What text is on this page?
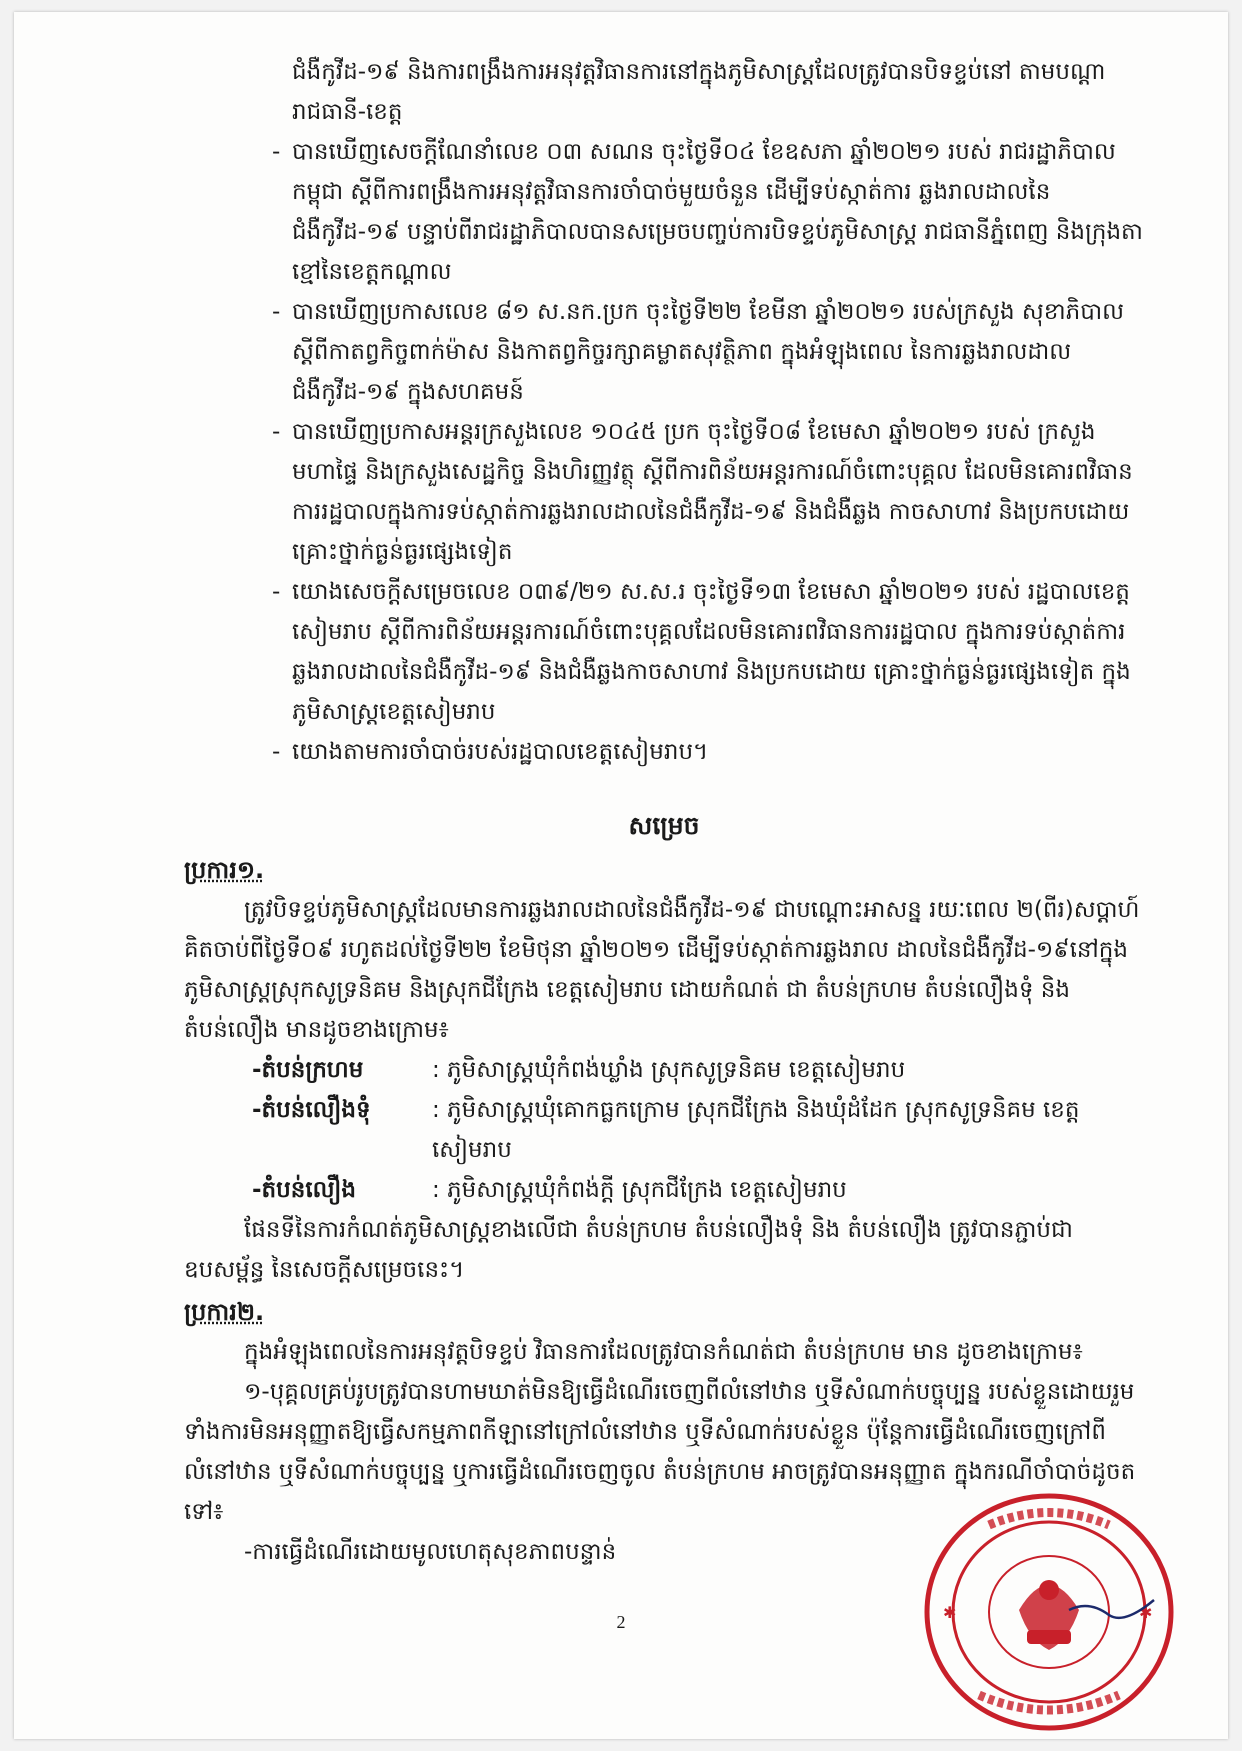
ជំងឺកូវីដ-១៩ និងការពង្រឹងការអនុវត្តវិធានការនៅក្នុងភូមិសាស្ត្រដែលត្រូវបានបិទខ្ទប់នៅ តាមបណ្តារាជធានី-ខេត្ត

- បានឃើញសេចក្តីណែនាំលេខ ០៣ សណន ចុះថ្ងៃទី០៤ ខែឧសភា ឆ្នាំ២០២១ របស់ រាជរដ្ឋាភិបាលកម្ពុជា ស្តីពីការពង្រឹងការអនុវត្តវិធានការចាំបាច់មួយចំនួន ដើម្បីទប់ស្កាត់ការ ឆ្លងរាលដាលនៃជំងឺកូវីដ-១៩ បន្ទាប់ពីរាជរដ្ឋាភិបាលបានសម្រេចបញ្ចប់ការបិទខ្ទប់ភូមិសាស្ត្រ រាជធានីភ្នំពេញ និងក្រុងតាខ្មៅនៃខេត្តកណ្តាល
- បានឃើញប្រកាសលេខ ៨១ ស.នក.ប្រក ចុះថ្ងៃទី២២ ខែមីនា ឆ្នាំ២០២១ របស់ក្រសួង សុខាភិបាល ស្តីពីកាតព្វកិច្ចពាក់ម៉ាស និងកាតព្វកិច្ចរក្សាគម្លាតសុវត្ថិភាព ក្នុងអំឡុងពេល នៃការឆ្លងរាលដាលជំងឺកូវីដ-១៩ ក្នុងសហគមន៍
- បានឃើញប្រកាសអន្តរក្រសួងលេខ ១០៤៥ ប្រក ចុះថ្ងៃទី០៨ ខែមេសា ឆ្នាំ២០២១ របស់ ក្រសួងមហាផ្ទៃ និងក្រសួងសេដ្ឋកិច្ច និងហិរញ្ញវត្ថុ ស្តីពីការពិន័យអន្តរការណ៍ចំពោះបុគ្គល ដែលមិនគោរពវិធានការរដ្ឋបាលក្នុងការទប់ស្កាត់ការឆ្លងរាលដាលនៃជំងឺកូវីដ-១៩ និងជំងឺឆ្លង កាចសាហាវ និងប្រកបដោយគ្រោះថ្នាក់ធ្ងន់ធ្ងរផ្សេងទៀត
- យោងសេចក្តីសម្រេចលេខ ០៣៩/២១ ស.ស.រ ចុះថ្ងៃទី១៣ ខែមេសា ឆ្នាំ២០២១ របស់ រដ្ឋបាលខេត្តសៀមរាប ស្តីពីការពិន័យអន្តរការណ៍ចំពោះបុគ្គលដែលមិនគោរពវិធានការរដ្ឋបាល ក្នុងការទប់ស្កាត់ការឆ្លងរាលដាលនៃជំងឺកូវីដ-១៩ និងជំងឺឆ្លងកាចសាហាវ និងប្រកបដោយ គ្រោះថ្នាក់ធ្ងន់ធ្ងរផ្សេងទៀត ក្នុងភូមិសាស្ត្រខេត្តសៀមរាប
- យោងតាមការចាំបាច់របស់រដ្ឋបាលខេត្តសៀមរាប។
សម្រេច
ប្រការ១.

ត្រូវបិទខ្ទប់ភូមិសាស្ត្រដែលមានការឆ្លងរាលដាលនៃជំងឺកូវីដ-១៩ ជាបណ្តោះអាសន្ន រយៈពេល ២(ពីរ)សប្តាហ៍ គិតចាប់ពីថ្ងៃទី០៩ រហូតដល់ថ្ងៃទី២២ ខែមិថុនា ឆ្នាំ២០២១ ដើម្បីទប់ស្កាត់ការឆ្លងរាល ដាលនៃជំងឺកូវីដ-១៩នៅក្នុងភូមិសាស្ត្រស្រុកសូទ្រនិគម និងស្រុកជីក្រែង ខេត្តសៀមរាប ដោយកំណត់ ជា តំបន់ក្រហម តំបន់លឿងទុំ និង តំបន់លឿង មានដូចខាងក្រោម៖

- តំបន់ក្រហម	: ភូមិសាស្ត្រឃុំកំពង់ឃ្លាំង ស្រុកសូទ្រនិគម ខេត្តសៀមរាប
- តំបន់លឿងទុំ	: ភូមិសាស្ត្រឃុំគោកធ្លកក្រោម ស្រុកជីក្រែង និងឃុំដំដែក ស្រុកសូទ្រនិគម ខេត្តសៀមរាប
- តំបន់លឿង	: ភូមិសាស្ត្រឃុំកំពង់ក្តី ស្រុកជីក្រែង ខេត្តសៀមរាប

ផែនទីនៃការកំណត់ភូមិសាស្ត្រខាងលើជា តំបន់ក្រហម តំបន់លឿងទុំ និង តំបន់លឿង ត្រូវបានភ្ជាប់ជាឧបសម្ព័ន្ធ នៃសេចក្តីសម្រេចនេះ។

ប្រការ២.

ក្នុងអំឡុងពេលនៃការអនុវត្តបិទខ្ទប់ វិធានការដែលត្រូវបានកំណត់ជា តំបន់ក្រហម មាន ដូចខាងក្រោម៖

១-បុគ្គលគ្រប់រូបត្រូវបានហាមឃាត់មិនឱ្យធ្វើដំណើរចេញពីលំនៅឋាន ឬទីសំណាក់បច្ចុប្បន្ន របស់ខ្លួនដោយរួមទាំងការមិនអនុញ្ញាតឱ្យធ្វើសកម្មភាពកីឡានៅក្រៅលំនៅឋាន ឬទីសំណាក់របស់ខ្លួន ប៉ុន្តែការធ្វើដំណើរចេញក្រៅពីលំនៅឋាន ឬទីសំណាក់បច្ចុប្បន្ន ឬការធ្វើដំណើរចេញចូល តំបន់ក្រហម អាចត្រូវបានអនុញ្ញាត ក្នុងករណីចាំបាច់ដូចតទៅ៖

-ការធ្វើដំណើរដោយមូលហេតុសុខភាពបន្ទាន់

2	✱	✱
